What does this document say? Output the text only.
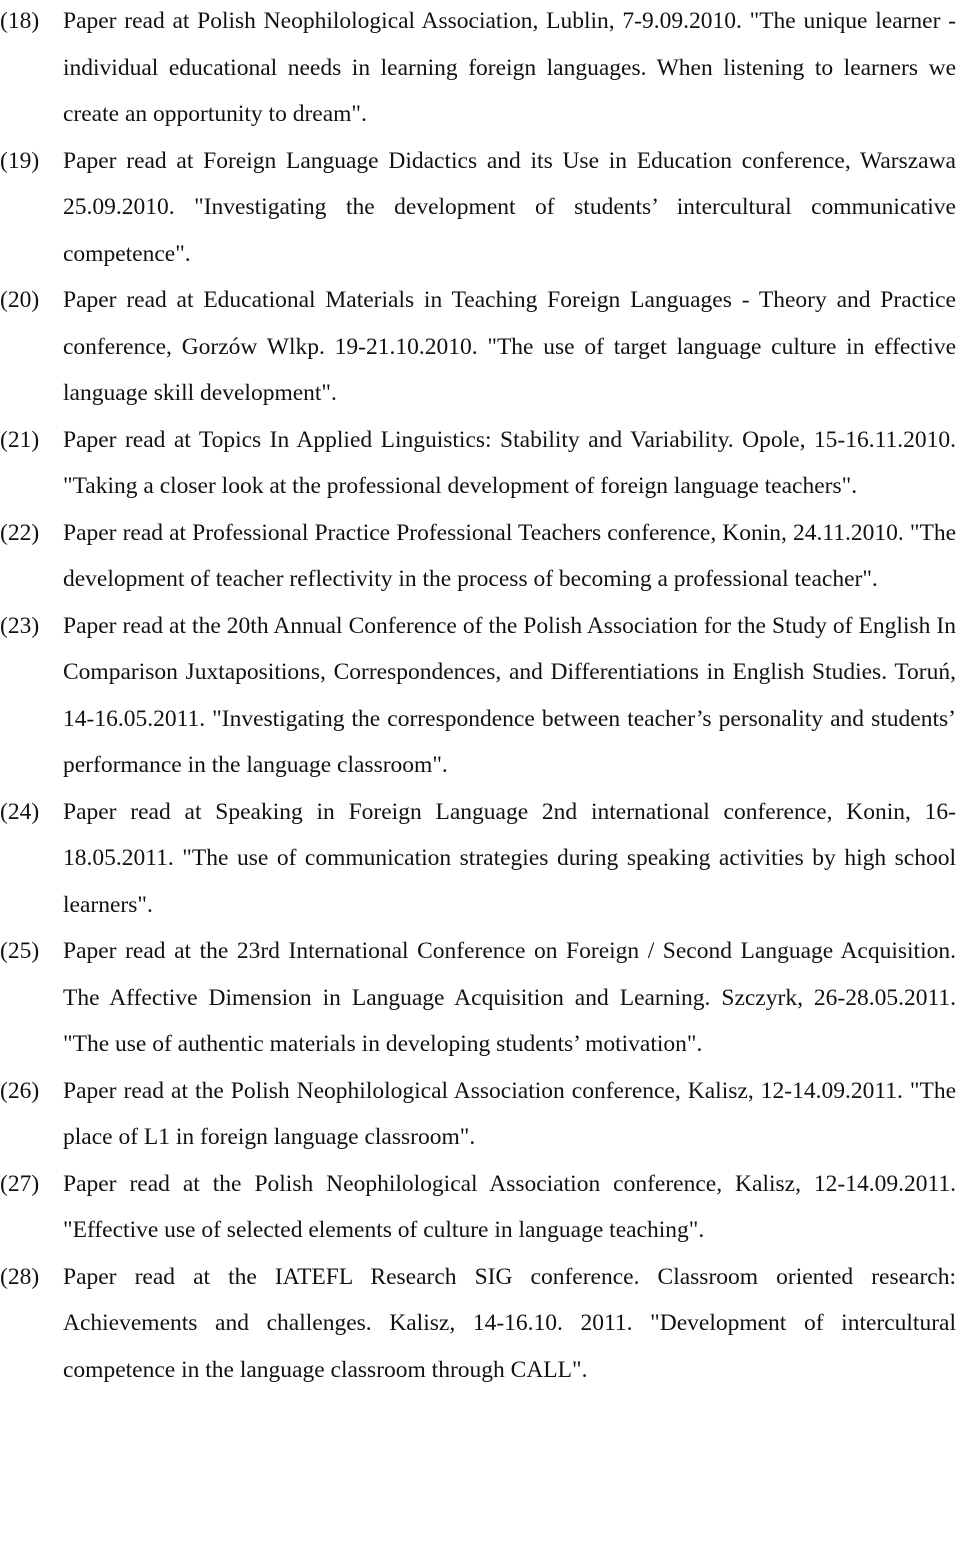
(18)	Paper read at Polish Neophilological Association, Lublin, 7-9.09.2010. "The unique learner - individual educational needs in learning foreign languages. When listening to learners we create an opportunity to dream".
(19)	Paper read at Foreign Language Didactics and its Use in Education conference, Warszawa 25.09.2010. "Investigating the development of students’ intercultural communicative competence".
(20)	Paper read at Educational Materials in Teaching Foreign Languages - Theory and Practice conference, Gorzów Wlkp. 19-21.10.2010. "The use of target language culture in effective language skill development".
(21)	Paper read at Topics In Applied Linguistics: Stability and Variability. Opole, 15-16.11.2010. "Taking a closer look at the professional development of foreign language teachers".
(22)	Paper read at Professional Practice Professional Teachers conference, Konin, 24.11.2010. "The development of teacher reflectivity in the process of becoming a professional teacher".
(23)	Paper read at the 20th Annual Conference of the Polish Association for the Study of English In Comparison Juxtapositions, Correspondences, and Differentiations in English Studies. Toruń, 14-16.05.2011. "Investigating the correspondence between teacher’s personality and students’ performance in the language classroom".
(24)	Paper read at Speaking in Foreign Language 2nd international conference, Konin, 16-18.05.2011. "The use of communication strategies during speaking activities by high school learners".
(25)	Paper read at the 23rd International Conference on Foreign / Second Language Acquisition. The Affective Dimension in Language Acquisition and Learning. Szczyrk, 26-28.05.2011. "The use of authentic materials in developing students’ motivation".
(26)	Paper read at the Polish Neophilological Association conference, Kalisz, 12-14.09.2011. "The place of L1 in foreign language classroom".
(27)	Paper read at the Polish Neophilological Association conference, Kalisz, 12-14.09.2011. "Effective use of selected elements of culture in language teaching".
(28)	Paper read at the IATEFL Research SIG conference. Classroom oriented research: Achievements and challenges. Kalisz, 14-16.10. 2011. "Development of intercultural competence in the language classroom through CALL".
